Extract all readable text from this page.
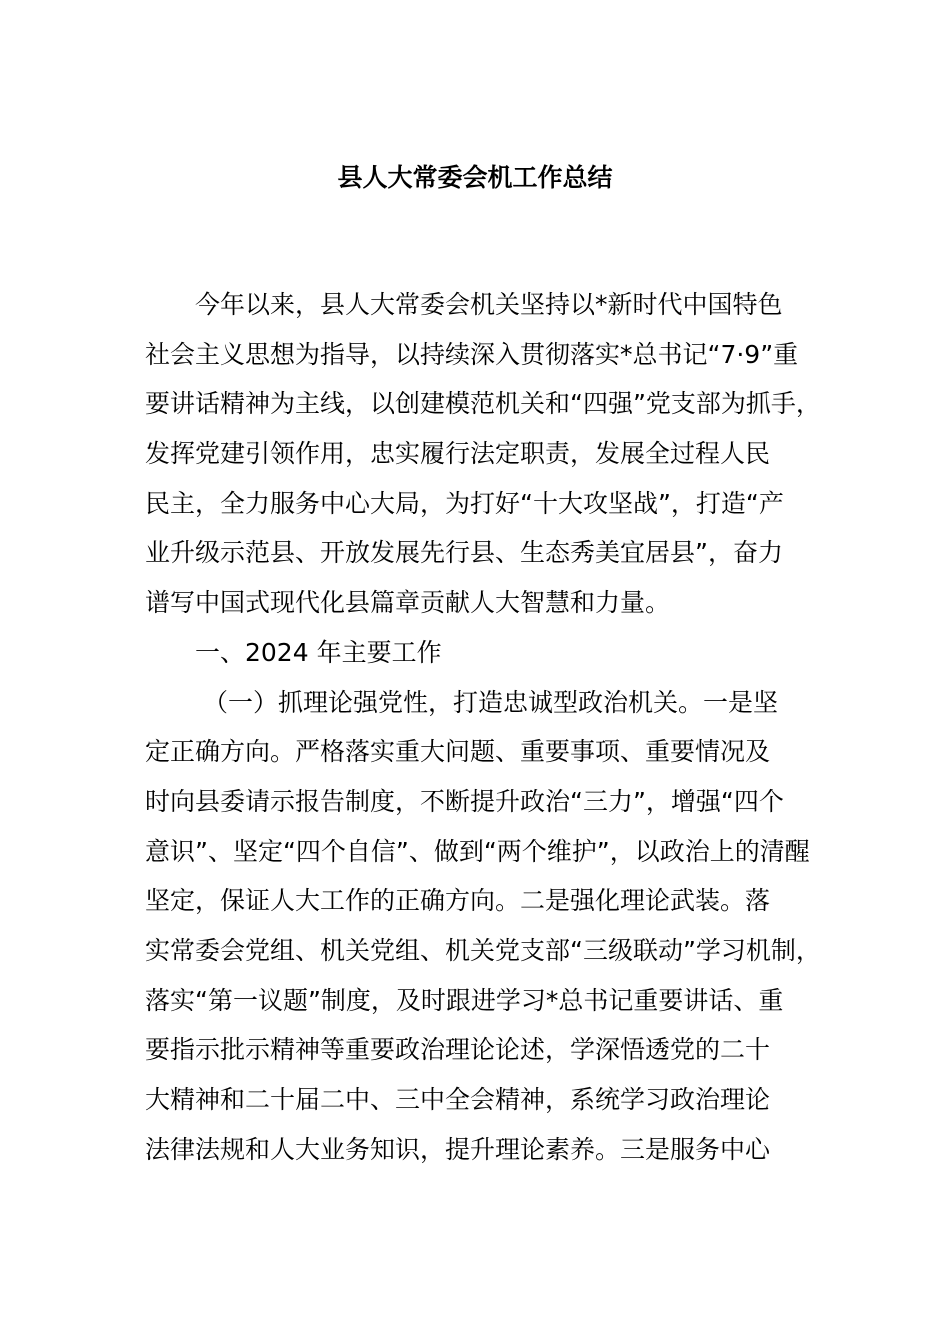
县人大常委会机工作总结
今年以来，县人大常委会机关坚持以*新时代中国特色
社会主义思想为指导，以持续深入贯彻落实*总书记“7·9”重
要讲话精神为主线，以创建模范机关和“四强”党支部为抓手，
发挥党建引领作用，忠实履行法定职责，发展全过程人民
民主，全力服务中心大局，为打好“十大攻坚战”，打造“产
业升级示范县、开放发展先行县、生态秀美宜居县”，奋力
谱写中国式现代化县篇章贡献人大智慧和力量。
一、2024 年主要工作
（一）抓理论强党性，打造忠诚型政治机关。一是坚
定正确方向。严格落实重大问题、重要事项、重要情况及
时向县委请示报告制度，不断提升政治“三力”，增强“四个
意识”、坚定“四个自信”、做到“两个维护”，以政治上的清醒
坚定，保证人大工作的正确方向。二是强化理论武装。落
实常委会党组、机关党组、机关党支部“三级联动”学习机制，
落实“第一议题”制度，及时跟进学习*总书记重要讲话、重
要指示批示精神等重要政治理论论述，学深悟透党的二十
大精神和二十届二中、三中全会精神，系统学习政治理论
法律法规和人大业务知识，提升理论素养。三是服务中心
